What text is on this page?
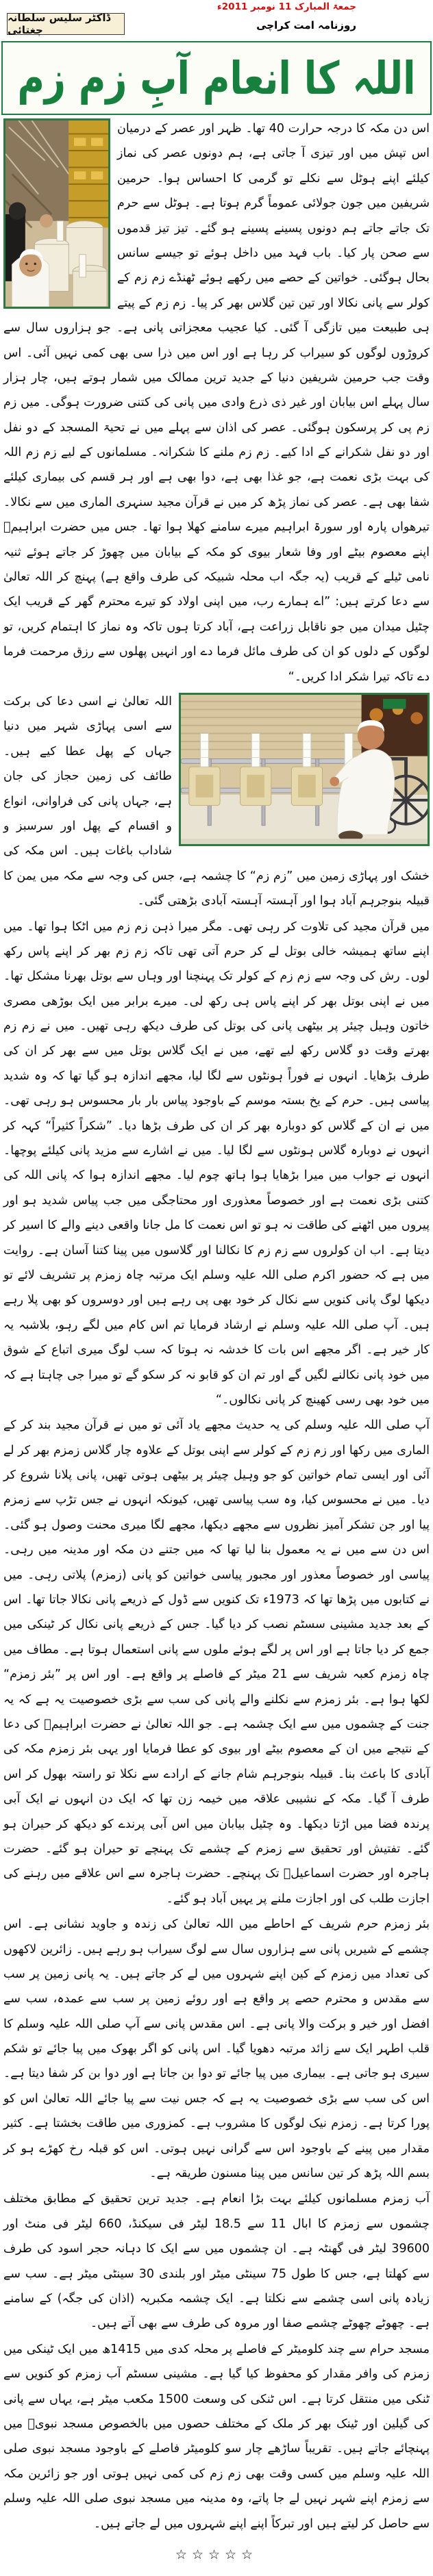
ڈاکٹر سلیس سلطانہ چغتائی
جمعۃ المبارک 11 نومبر 2011ء
روزنامہ امت کراچی
اللہ کا انعام آبِ زم زم

اس دن مکہ کا درجہ حرارت 40 تھا۔ ظہر اور عصر کے درمیان اس تپش میں اور تیزی آ جاتی ہے، ہم دونوں عصر کی نماز کیلئے اپنے ہوٹل سے نکلے تو گرمی کا احساس ہوا۔ حرمین شریفین میں جون جولائی عموماً گرم ہوتا ہے۔ ہوٹل سے حرم تک جاتے جاتے ہم دونوں پسینے پسینے ہو گئے۔ تیز تیز قدموں سے صحن پار کیا۔ باب فہد میں داخل ہوئے تو جیسے سانس بحال ہوگئی۔ خواتین کے حصے میں رکھے ہوئے ٹھنڈے زم زم کے کولر سے پانی نکالا اور تین تین گلاس بھر کر پیا۔ زم زم کے پیتے ہی طبیعت میں تازگی آ گئی۔ کیا عجیب معجزاتی پانی ہے۔ جو ہزاروں سال سے کروڑوں لوگوں کو سیراب کر رہا ہے اور اس میں ذرا سی بھی کمی نہیں آئی۔ اس وقت جب حرمین شریفین دنیا کے جدید ترین ممالک میں شمار ہوتے ہیں، چار ہزار سال پہلے اس بیابان اور غیر ذی ذرع وادی میں پانی کی کتنی ضرورت ہوگی۔ میں زم زم پی کر پرسکون ہوگئی۔ عصر کی اذان سے پہلے میں نے تحیۃ المسجد کے دو نفل اور دو نفل شکرانے کے ادا کیے۔ زم زم ملنے کا شکرانہ۔ مسلمانوں کے لیے زم زم اللہ کی بہت بڑی نعمت ہے، جو غذا بھی ہے، دوا بھی ہے اور ہر قسم کی بیماری کیلئے شفا بھی ہے۔ عصر کی نماز پڑھ کر میں نے قرآن مجید سنہری الماری میں سے نکالا۔ تیرھواں پارہ اور سورۃ ابراہیم میرے سامنے کھلا ہوا تھا۔ جس میں حضرت ابراہیمؑ اپنے معصوم بیٹے اور وفا شعار بیوی کو مکہ کے بیابان میں چھوڑ کر جاتے ہوئے ثنیہ نامی ٹیلے کے قریب (یہ جگہ اب محلہ شبیکہ کی طرف واقع ہے) پہنچ کر اللہ تعالیٰ سے دعا کرتے ہیں: ”اے ہمارے رب، میں اپنی اولاد کو تیرے محترم گھر کے قریب ایک چٹیل میدان میں جو ناقابل زراعت ہے، آباد کرتا ہوں تاکہ وہ نماز کا اہتمام کریں، تو لوگوں کے دلوں کو ان کی طرف مائل فرما دے اور انہیں پھلوں سے رزق مرحمت فرما دے تاکہ تیرا شکر ادا کریں۔“

اللہ تعالیٰ نے اسی دعا کی برکت سے اسی پہاڑی شہر میں دنیا جہاں کے پھل عطا کیے ہیں۔ طائف کی زمین حجاز کی جان ہے، جہاں پانی کی فراوانی، انواع و اقسام کے پھل اور سرسبز و شاداب باغات ہیں۔ اس مکہ کی خشک اور پہاڑی زمین میں ”زم زم“ کا چشمہ ہے، جس کی وجہ سے مکہ میں یمن کا قبیلہ بنوجرہم آباد ہوا اور آہستہ آہستہ آبادی بڑھتی گئی۔

میں قرآن مجید کی تلاوت کر رہی تھی۔ مگر میرا ذہن زم زم میں اٹکا ہوا تھا۔ میں اپنے ساتھ ہمیشہ خالی بوتل لے کر حرم آتی تھی تاکہ زم زم بھر کر اپنے پاس رکھ لوں۔ رش کی وجہ سے زم زم کے کولر تک پہنچنا اور وہاں سے بوتل بھرنا مشکل تھا۔ میں نے اپنی بوتل بھر کر اپنے پاس ہی رکھ لی۔ میرے برابر میں ایک بوڑھی مصری خاتون وہیل چیئر پر بیٹھی پانی کی بوتل کی طرف دیکھ رہی تھیں۔ میں نے زم زم بھرتے وقت دو گلاس رکھ لیے تھے، میں نے ایک گلاس بوتل میں سے بھر کر ان کی طرف بڑھایا۔ انہوں نے فوراً ہونٹوں سے لگا لیا، مجھے اندازہ ہو گیا تھا کہ وہ شدید پیاسی ہیں۔ حرم کے یخ بستہ موسم کے باوجود پیاس بار بار محسوس ہو رہی تھی۔ میں نے ان کے گلاس کو دوبارہ بھر کر ان کی طرف بڑھا دیا۔ ”شکراً کثیراً“ کہہ کر انہوں نے دوبارہ گلاس ہونٹوں سے لگا لیا۔ میں نے اشارے سے مزید پانی کیلئے پوچھا۔ انہوں نے جواب میں میرا بڑھایا ہوا ہاتھ چوم لیا۔ مجھے اندازہ ہوا کہ پانی اللہ کی کتنی بڑی نعمت ہے اور خصوصاً معذوری اور محتاجگی میں جب پیاس شدید ہو اور پیروں میں اٹھنے کی طاقت نہ ہو تو اس نعمت کا مل جانا واقعی دینے والے کا اسیر کر دیتا ہے۔ اب ان کولروں سے زم زم کا نکالنا اور گلاسوں میں پینا کتنا آسان ہے۔ روایت میں ہے کہ حضور اکرم صلی اللہ علیہ وسلم ایک مرتبہ چاہ زمزم پر تشریف لائے تو دیکھا لوگ پانی کنویں سے نکال کر خود بھی پی رہے ہیں اور دوسروں کو بھی پلا رہے ہیں۔ آپ صلی اللہ علیہ وسلم نے ارشاد فرمایا تم اس کام میں لگے رہو، بلاشبہ یہ کار خیر ہے۔ اگر مجھے اس بات کا خدشہ نہ ہوتا کہ سب لوگ میری اتباع کے شوق میں خود پانی نکالنے لگیں گے اور تم ان کو قابو نہ کر سکو گے تو میرا جی چاہتا ہے کہ میں خود بھی رسی کھینچ کر پانی نکالوں۔“

آپ صلی اللہ علیہ وسلم کی یہ حدیث مجھے یاد آئی تو میں نے قرآن مجید بند کر کے الماری میں رکھا اور زم زم کے کولر سے اپنی بوتل کے علاوہ چار گلاس زمزم بھر کر لے آئی اور ایسی تمام خواتین کو جو وہیل چیئر پر بیٹھی ہوتی تھیں، پانی پلانا شروع کر دیا۔ میں نے محسوس کیا، وہ سب پیاسی تھیں، کیونکہ انہوں نے جس تڑپ سے زمزم پیا اور جن تشکر آمیز نظروں سے مجھے دیکھا، مجھے لگا میری محنت وصول ہو گئی۔ اس دن سے میں نے یہ معمول بنا لیا تھا کہ میں جتنے دن مکہ اور مدینہ میں رہی۔ پیاسی اور خصوصاً معذور اور مجبور پیاسی خواتین کو پانی (زمزم) پلاتی رہی۔ میں نے کتابوں میں پڑھا تھا کہ 1973ء تک کنویں سے ڈول کے ذریعے پانی نکالا جاتا تھا۔ اس کے بعد جدید مشینی سسٹم نصب کر دیا گیا۔ جس کے ذریعے پانی نکال کر ٹینکی میں جمع کر دیا جاتا ہے اور اس پر لگے ہوئے ملوں سے پانی استعمال ہوتا ہے۔ مطاف میں چاہ زمزم کعبہ شریف سے 21 میٹر کے فاصلے پر واقع ہے۔ اور اس پر ”بئر زمزم“ لکھا ہوا ہے۔ بئر زمزم سے نکلنے والے پانی کی سب سے بڑی خصوصیت یہ ہے کہ یہ جنت کے چشموں میں سے ایک چشمہ ہے۔ جو اللہ تعالیٰ نے حضرت ابراہیمؑ کی دعا کے نتیجے میں ان کے معصوم بیٹے اور بیوی کو عطا فرمایا اور یہی بئر زمزم مکہ کی آبادی کا باعث بنا۔ قبیلہ بنوجرہم شام جانے کے ارادے سے نکلا تو راستہ بھول کر اس طرف آ گیا۔ مکہ کے نشیبی علاقہ میں خیمہ زن تھا کہ ایک دن انہوں نے ایک آبی پرندہ فضا میں اڑتا دیکھا۔ وہ چٹیل بیابان میں اس آبی پرندے کو دیکھ کر حیران ہو گئے۔ تفتیش اور تحقیق سے زمزم کے چشمے تک پہنچے تو حیران ہو گئے۔ حضرت ہاجرہ اور حضرت اسماعیلؑ تک پہنچے۔ حضرت ہاجرہ سے اس علاقے میں رہنے کی اجازت طلب کی اور اجازت ملنے پر یہیں آباد ہو گئے۔

بئر زمزم حرم شریف کے احاطے میں اللہ تعالیٰ کی زندہ و جاوید نشانی ہے۔ اس چشمے کے شیریں پانی سے ہزاروں سال سے لوگ سیراب ہو رہے ہیں۔ زائرین لاکھوں کی تعداد میں زمزم کے کین اپنے شہروں میں لے کر جاتے ہیں۔ یہ پانی زمین پر سب سے مقدس و محترم حصے پر واقع ہے اور روئے زمین پر سب سے عمدہ، سب سے افضل اور خیر و برکت والا پانی ہے۔ اس مقدس پانی سے آپ صلی اللہ علیہ وسلم کا قلب اطہر ایک سے زائد مرتبہ دھویا گیا۔ اس پانی کو اگر بھوک میں پیا جائے تو شکم سیری ہو جاتی ہے۔ بیماری میں پیا جائے تو دوا بن جاتا ہے اور دوا بن کر شفا دیتا ہے۔ اس کی سب سے بڑی خصوصیت یہ ہے کہ جس نیت سے پیا جائے اللہ تعالیٰ اس کو پورا کرتا ہے۔ زمزم نیک لوگوں کا مشروب ہے۔ کمزوری میں طاقت بخشتا ہے۔ کثیر مقدار میں پینے کے باوجود اس سے گرانی نہیں ہوتی۔ اس کو قبلہ رخ کھڑے ہو کر بسم اللہ پڑھ کر تین سانس میں پینا مسنون طریقہ ہے۔

آب زمزم مسلمانوں کیلئے بہت بڑا انعام ہے۔ جدید ترین تحقیق کے مطابق مختلف چشموں سے زمزم کا ابال 11 سے 18.5 لیٹر فی سیکنڈ، 660 لیٹر فی منٹ اور 39600 لیٹر فی گھنٹہ ہے۔ ان چشموں میں سے ایک کا دہانہ حجر اسود کی طرف سے کھلتا ہے، جس کا طول 75 سینٹی میٹر اور بلندی 30 سینٹی میٹر ہے۔ سب سے زیادہ پانی اسی چشمے سے نکلتا ہے۔ ایک چشمہ مکبریہ (اذان کی جگہ) کے سامنے ہے۔ چھوٹے چھوٹے چشمے صفا اور مروہ کی طرف سے بھی آتے ہیں۔

مسجد حرام سے چند کلومیٹر کے فاصلے پر محلہ کدی میں 1415ھ میں ایک ٹینکی میں زمزم کی وافر مقدار کو محفوظ کیا گیا ہے۔ مشینی سسٹم آب زمزم کو کنویں سے ٹنکی میں منتقل کرتا ہے۔ اس ٹنکی کی وسعت 1500 مکعب میٹر ہے، یہاں سے پانی کی گیلین اور ٹینک بھر کر ملک کے مختلف حصوں میں بالخصوص مسجد نبویؐ میں پہنچائے جاتے ہیں۔ تقریباً ساڑھے چار سو کلومیٹر فاصلے کے باوجود مسجد نبوی صلی اللہ علیہ وسلم میں کسی وقت بھی زم زم کی کمی نہیں ہوتی اور جو زائرین مکہ سے زمزم اپنے شہر نہیں لے جا پاتے، وہ مدینہ میں مسجد نبوی صلی اللہ علیہ وسلم سے حاصل کر لیتے ہیں اور تبرکاً اپنے اپنے شہروں میں لے جاتے ہیں۔

☆☆☆☆☆
